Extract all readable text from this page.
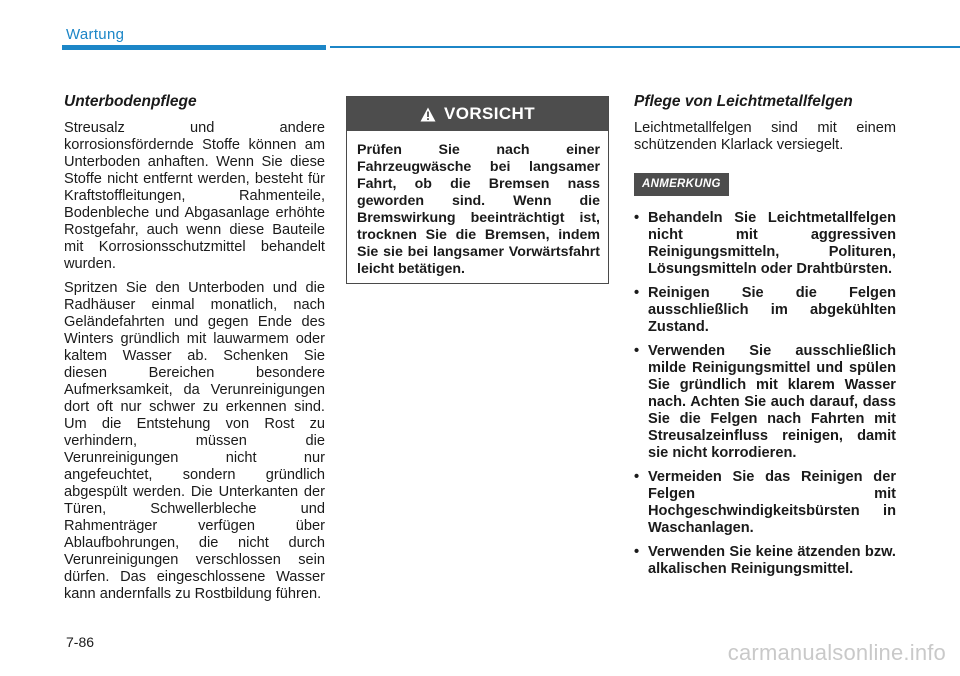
Wartung
Unterbodenpflege

Streusalz und andere korrosionsfördernde Stoffe können am Unterboden anhaften. Wenn Sie diese Stoffe nicht entfernt werden, besteht für Kraftstoffleitungen, Rahmenteile, Bodenbleche und Abgasanlage erhöhte Rostgefahr, auch wenn diese Bauteile mit Korrosionsschutzmittel behandelt wurden.

Spritzen Sie den Unterboden und die Radhäuser einmal monatlich, nach Geländefahrten und gegen Ende des Winters gründlich mit lauwarmem oder kaltem Wasser ab. Schenken Sie diesen Bereichen besondere Aufmerksamkeit, da Verunreinigungen dort oft nur schwer zu erkennen sind. Um die Entstehung von Rost zu verhindern, müssen die Verunreinigungen nicht nur angefeuchtet, sondern gründlich abgespült werden. Die Unterkanten der Türen, Schwellerbleche und Rahmenträger verfügen über Ablaufbohrungen, die nicht durch Verunreinigungen verschlossen sein dürfen. Das eingeschlossene Wasser kann andernfalls zu Rostbildung führen.

VORSICHT
Prüfen Sie nach einer Fahrzeugwäsche bei langsamer Fahrt, ob die Bremsen nass geworden sind. Wenn die Bremswirkung beeinträchtigt ist, trocknen Sie die Bremsen, indem Sie sie bei langsamer Vorwärtsfahrt leicht betätigen.
Pflege von Leichtmetallfelgen

Leichtmetallfelgen sind mit einem schützenden Klarlack versiegelt.

ANMERKUNG
• Behandeln Sie Leichtmetallfelgen nicht mit aggressiven Reinigungsmitteln, Polituren, Lösungsmitteln oder Drahtbürsten.
• Reinigen Sie die Felgen ausschließlich im abgekühlten Zustand.
• Verwenden Sie ausschließlich milde Reinigungsmittel und spülen Sie gründlich mit klarem Wasser nach. Achten Sie auch darauf, dass Sie die Felgen nach Fahrten mit Streusalzeinfluss reinigen, damit sie nicht korrodieren.
• Vermeiden Sie das Reinigen der Felgen mit Hochgeschwindigkeitsbürsten in Waschanlagen.
• Verwenden Sie keine ätzenden bzw. alkalischen Reinigungsmittel.
7-86	carmanualsonline.info
